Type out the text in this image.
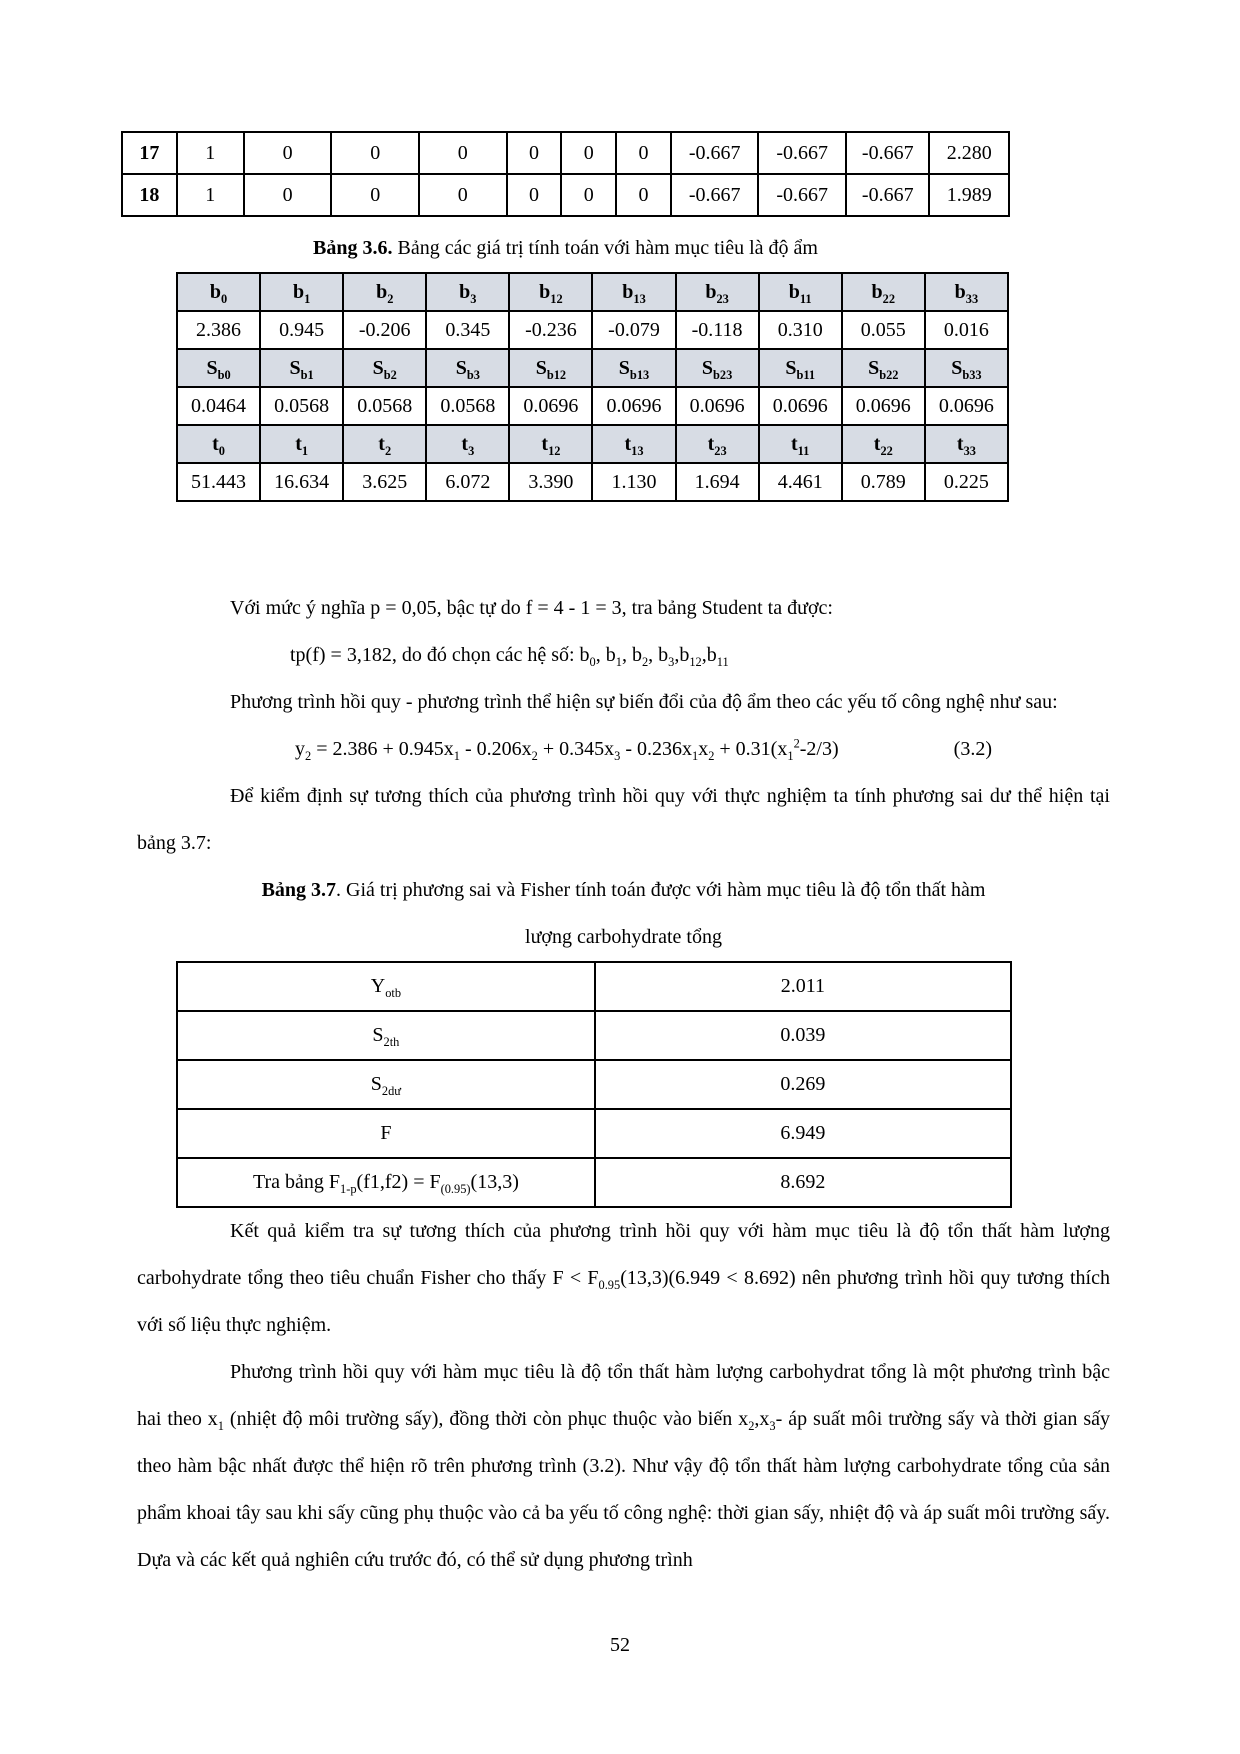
17	1	0	0	0	0	0	0	-0.667	-0.667	-0.667	2.280
18	1	0	0	0	0	0	0	-0.667	-0.667	-0.667	1.989
Bảng 3.6. Bảng các giá trị tính toán với hàm mục tiêu là độ ẩm
$b_0$	$b_1$	$b_2$	$b_3$	$b_{12}$	$b_{13}$	$b_{23}$	$b_{11}$	$b_{22}$	$b_{33}$
2.386	0.945	-0.206	0.345	-0.236	-0.079	-0.118	0.310	0.055	0.016
$S_{b0}$	$S_{b1}$	$S_{b2}$	$S_{b3}$	$S_{b12}$	$S_{b13}$	$S_{b23}$	$S_{b11}$	$S_{b22}$	$S_{b33}$
0.0464	0.0568	0.0568	0.0568	0.0696	0.0696	0.0696	0.0696	0.0696	0.0696
$t_0$	$t_1$	$t_2$	$t_3$	$t_{12}$	$t_{13}$	$t_{23}$	$t_{11}$	$t_{22}$	$t_{33}$
51.443	16.634	3.625	6.072	3.390	1.130	1.694	4.461	0.789	0.225

Với mức ý nghĩa p = 0,05, bậc tự do f = 4 - 1 = 3, tra bảng Student ta được:

tp(f) = 3,182, do đó chọn các hệ số: $b_0$, $b_1$, $b_2$, $b_3,b_{12},b_{11}$

Phương trình hồi quy - phương trình thể hiện sự biến đổi của độ ẩm theo các yếu tố công nghệ như sau:

$y_2 = 2.386 + 0.945x_1 - 0.206x_2 + 0.345x_3 - 0.236x_1x_2 + 0.31(x_1^2-2/3)$	(3.2)

Để kiểm định sự tương thích của phương trình hồi quy với thực nghiệm ta tính phương sai dư thể hiện tại bảng 3.7:

Bảng 3.7. Giá trị phương sai và Fisher tính toán được với hàm mục tiêu là độ tổn thất hàm

lượng carbohydrate tổng

$Y_{otb}$	2.011
$S_{2th}$	0.039
$S_{2dư}$	0.269
F	6.949
Tra bảng $F_{1-p}(f1,f2) = F_{(0.95)}(13,3)$	8.692

Kết quả kiểm tra sự tương thích của phương trình hồi quy với hàm mục tiêu là độ tổn thất hàm lượng carbohydrate tổng theo tiêu chuẩn Fisher cho thấy $F < F_{0.95}(13,3)(6.949 < 8.692)$ nên phương trình hồi quy tương thích với số liệu thực nghiệm.

Phương trình hồi quy với hàm mục tiêu là độ tổn thất hàm lượng carbohydrat tổng là một phương trình bậc hai theo $x_1$ (nhiệt độ môi trường sấy), đồng thời còn phục thuộc vào biến $x_2,x_3-$ áp suất môi trường sấy và thời gian sấy theo hàm bậc nhất được thể hiện rõ trên phương trình (3.2). Như vậy độ tổn thất hàm lượng carbohydrate tổng của sản phẩm khoai tây sau khi sấy cũng phụ thuộc vào cả ba yếu tố công nghệ: thời gian sấy, nhiệt độ và áp suất môi trường sấy. Dựa và các kết quả nghiên cứu trước đó, có thể sử dụng phương trình

52
